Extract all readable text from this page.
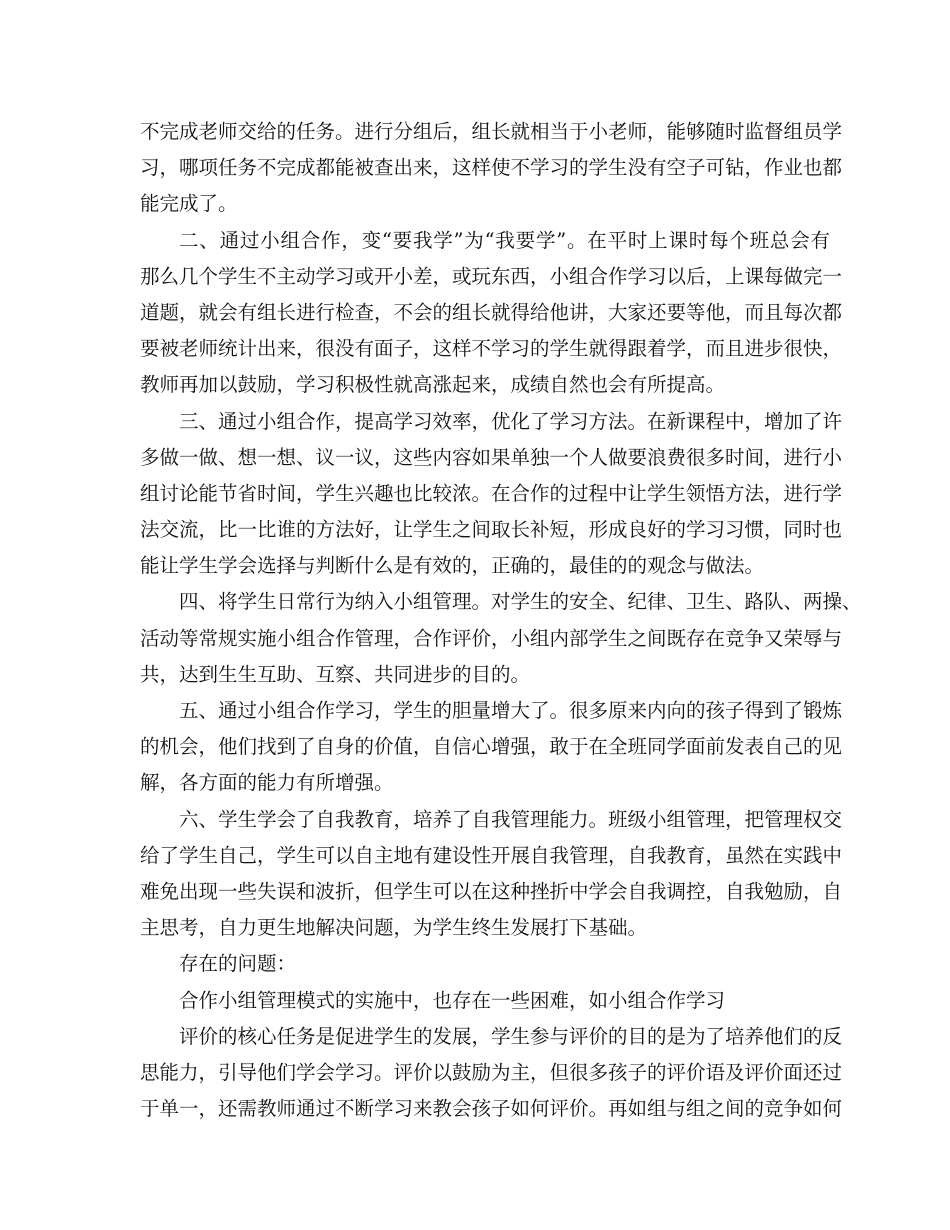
不完成老师交给的任务。进行分组后，组长就相当于小老师，能够随时监督组员学
习，哪项任务不完成都能被查出来，这样使不学习的学生没有空子可钻，作业也都
能完成了。
二、通过小组合作，变“要我学”为“我要学”。在平时上课时每个班总会有
那么几个学生不主动学习或开小差，或玩东西，小组合作学习以后，上课每做完一
道题，就会有组长进行检查，不会的组长就得给他讲，大家还要等他，而且每次都
要被老师统计出来，很没有面子，这样不学习的学生就得跟着学，而且进步很快，
教师再加以鼓励，学习积极性就高涨起来，成绩自然也会有所提高。
三、通过小组合作，提高学习效率，优化了学习方法。在新课程中，增加了许
多做一做、想一想、议一议，这些内容如果单独一个人做要浪费很多时间，进行小
组讨论能节省时间，学生兴趣也比较浓。在合作的过程中让学生领悟方法，进行学
法交流，比一比谁的方法好，让学生之间取长补短，形成良好的学习习惯，同时也
能让学生学会选择与判断什么是有效的，正确的，最佳的的观念与做法。
四、将学生日常行为纳入小组管理。对学生的安全、纪律、卫生、路队、两操、
活动等常规实施小组合作管理，合作评价，小组内部学生之间既存在竞争又荣辱与
共，达到生生互助、互察、共同进步的目的。
五、通过小组合作学习，学生的胆量增大了。很多原来内向的孩子得到了锻炼
的机会，他们找到了自身的价值，自信心增强，敢于在全班同学面前发表自己的见
解，各方面的能力有所增强。
六、学生学会了自我教育，培养了自我管理能力。班级小组管理，把管理权交
给了学生自己，学生可以自主地有建设性开展自我管理，自我教育，虽然在实践中
难免出现一些失误和波折，但学生可以在这种挫折中学会自我调控，自我勉励，自
主思考，自力更生地解决问题，为学生终生发展打下基础。
存在的问题：
合作小组管理模式的实施中，也存在一些困难，如小组合作学习
评价的核心任务是促进学生的发展，学生参与评价的目的是为了培养他们的反
思能力，引导他们学会学习。评价以鼓励为主，但很多孩子的评价语及评价面还过
于单一，还需教师通过不断学习来教会孩子如何评价。再如组与组之间的竞争如何
